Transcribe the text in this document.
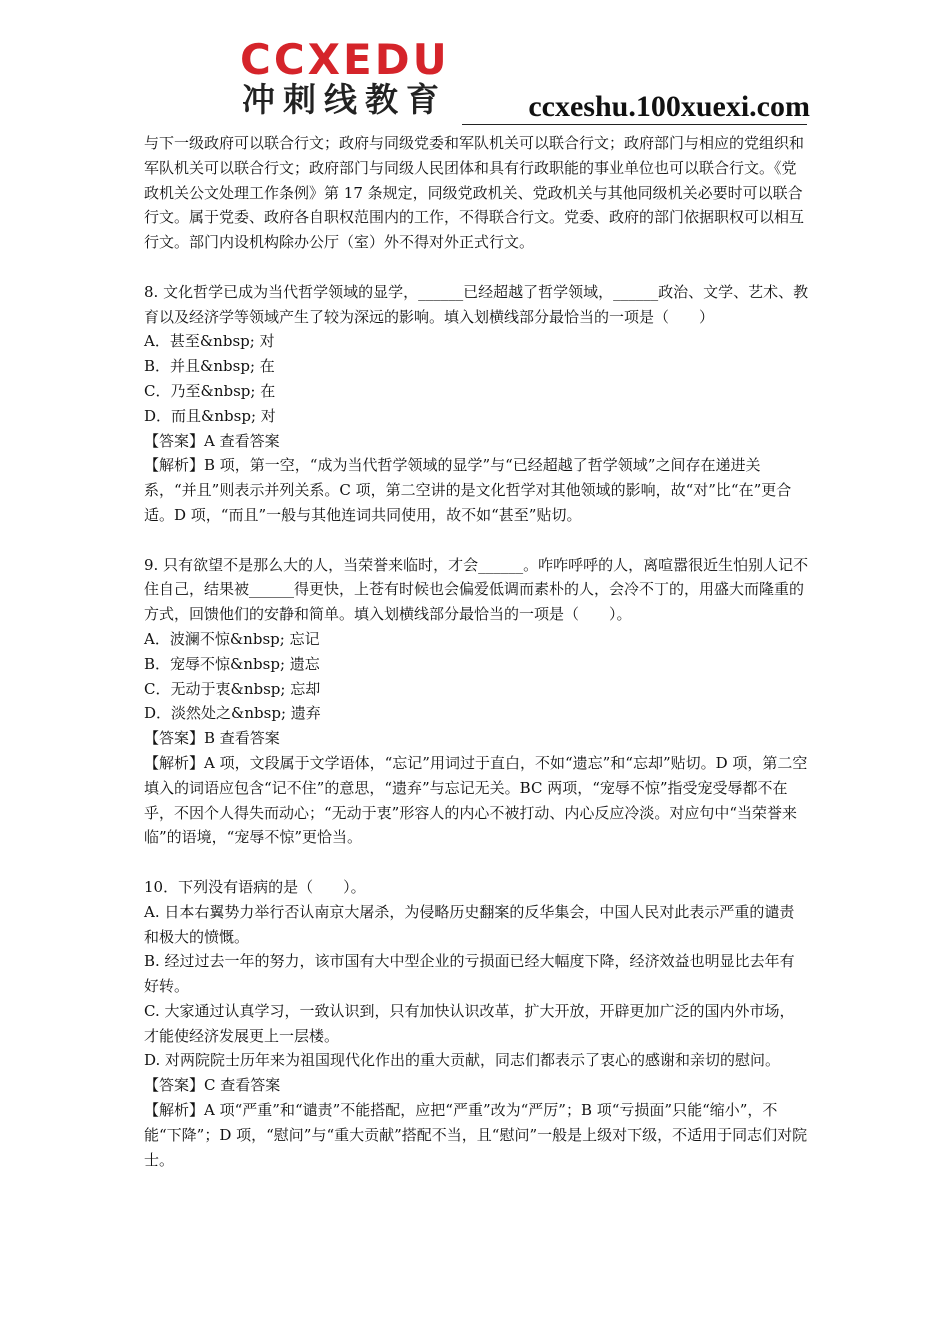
CCXEDU
冲刺线教育	ccxeshu.100xuexi.com

与下一级政府可以联合行文；政府与同级党委和军队机关可以联合行文；政府部门与相应的党组织和军队机关可以联合行文；政府部门与同级人民团体和具有行政职能的事业单位也可以联合行文。《党政机关公文处理工作条例》第 17 条规定，同级党政机关、党政机关与其他同级机关必要时可以联合行文。属于党委、政府各自职权范围内的工作，不得联合行文。党委、政府的部门依据职权可以相互行文。部门内设机构除办公厅（室）外不得对外正式行文。

8. 文化哲学已成为当代哲学领域的显学，______已经超越了哲学领域，______政治、文学、艺术、教育以及经济学等领域产生了较为深远的影响。填入划横线部分最恰当的一项是（　　）

A．甚至&nbsp; 对

B．并且&nbsp; 在

C．乃至&nbsp; 在

D．而且&nbsp; 对

【答案】A 查看答案

【解析】B 项，第一空，“成为当代哲学领域的显学”与“已经超越了哲学领域”之间存在递进关系，“并且”则表示并列关系。C 项，第二空讲的是文化哲学对其他领域的影响，故“对”比“在”更合适。D 项，“而且”一般与其他连词共同使用，故不如“甚至”贴切。

9. 只有欲望不是那么大的人，当荣誉来临时，才会______。咋咋呼呼的人，离喧嚣很近生怕别人记不住自己，结果被______得更快，上苍有时候也会偏爱低调而素朴的人，会冷不丁的，用盛大而隆重的方式，回馈他们的安静和简单。填入划横线部分最恰当的一项是（　　）。

A．波澜不惊&nbsp; 忘记

B．宠辱不惊&nbsp; 遗忘

C．无动于衷&nbsp; 忘却

D．淡然处之&nbsp; 遗弃

【答案】B 查看答案

【解析】A 项，文段属于文学语体，“忘记”用词过于直白，不如“遗忘”和“忘却”贴切。D 项，第二空填入的词语应包含“记不住”的意思，“遗弃”与忘记无关。BC 两项，“宠辱不惊”指受宠受辱都不在乎，不因个人得失而动心；“无动于衷”形容人的内心不被打动、内心反应冷淡。对应句中“当荣誉来临”的语境，“宠辱不惊”更恰当。

10．下列没有语病的是（　　）。

A. 日本右翼势力举行否认南京大屠杀，为侵略历史翻案的反华集会，中国人民对此表示严重的谴责和极大的愤慨。

B. 经过过去一年的努力，该市国有大中型企业的亏损面已经大幅度下降，经济效益也明显比去年有好转。

C. 大家通过认真学习，一致认识到，只有加快认识改革，扩大开放，开辟更加广泛的国内外市场，才能使经济发展更上一层楼。

D. 对两院院士历年来为祖国现代化作出的重大贡献，同志们都表示了衷心的感谢和亲切的慰问。

【答案】C 查看答案

【解析】A 项“严重”和“谴责”不能搭配，应把“严重”改为“严厉”；B 项“亏损面”只能“缩小”，不能“下降”；D 项，“慰问”与“重大贡献”搭配不当，且“慰问”一般是上级对下级，不适用于同志们对院士。
